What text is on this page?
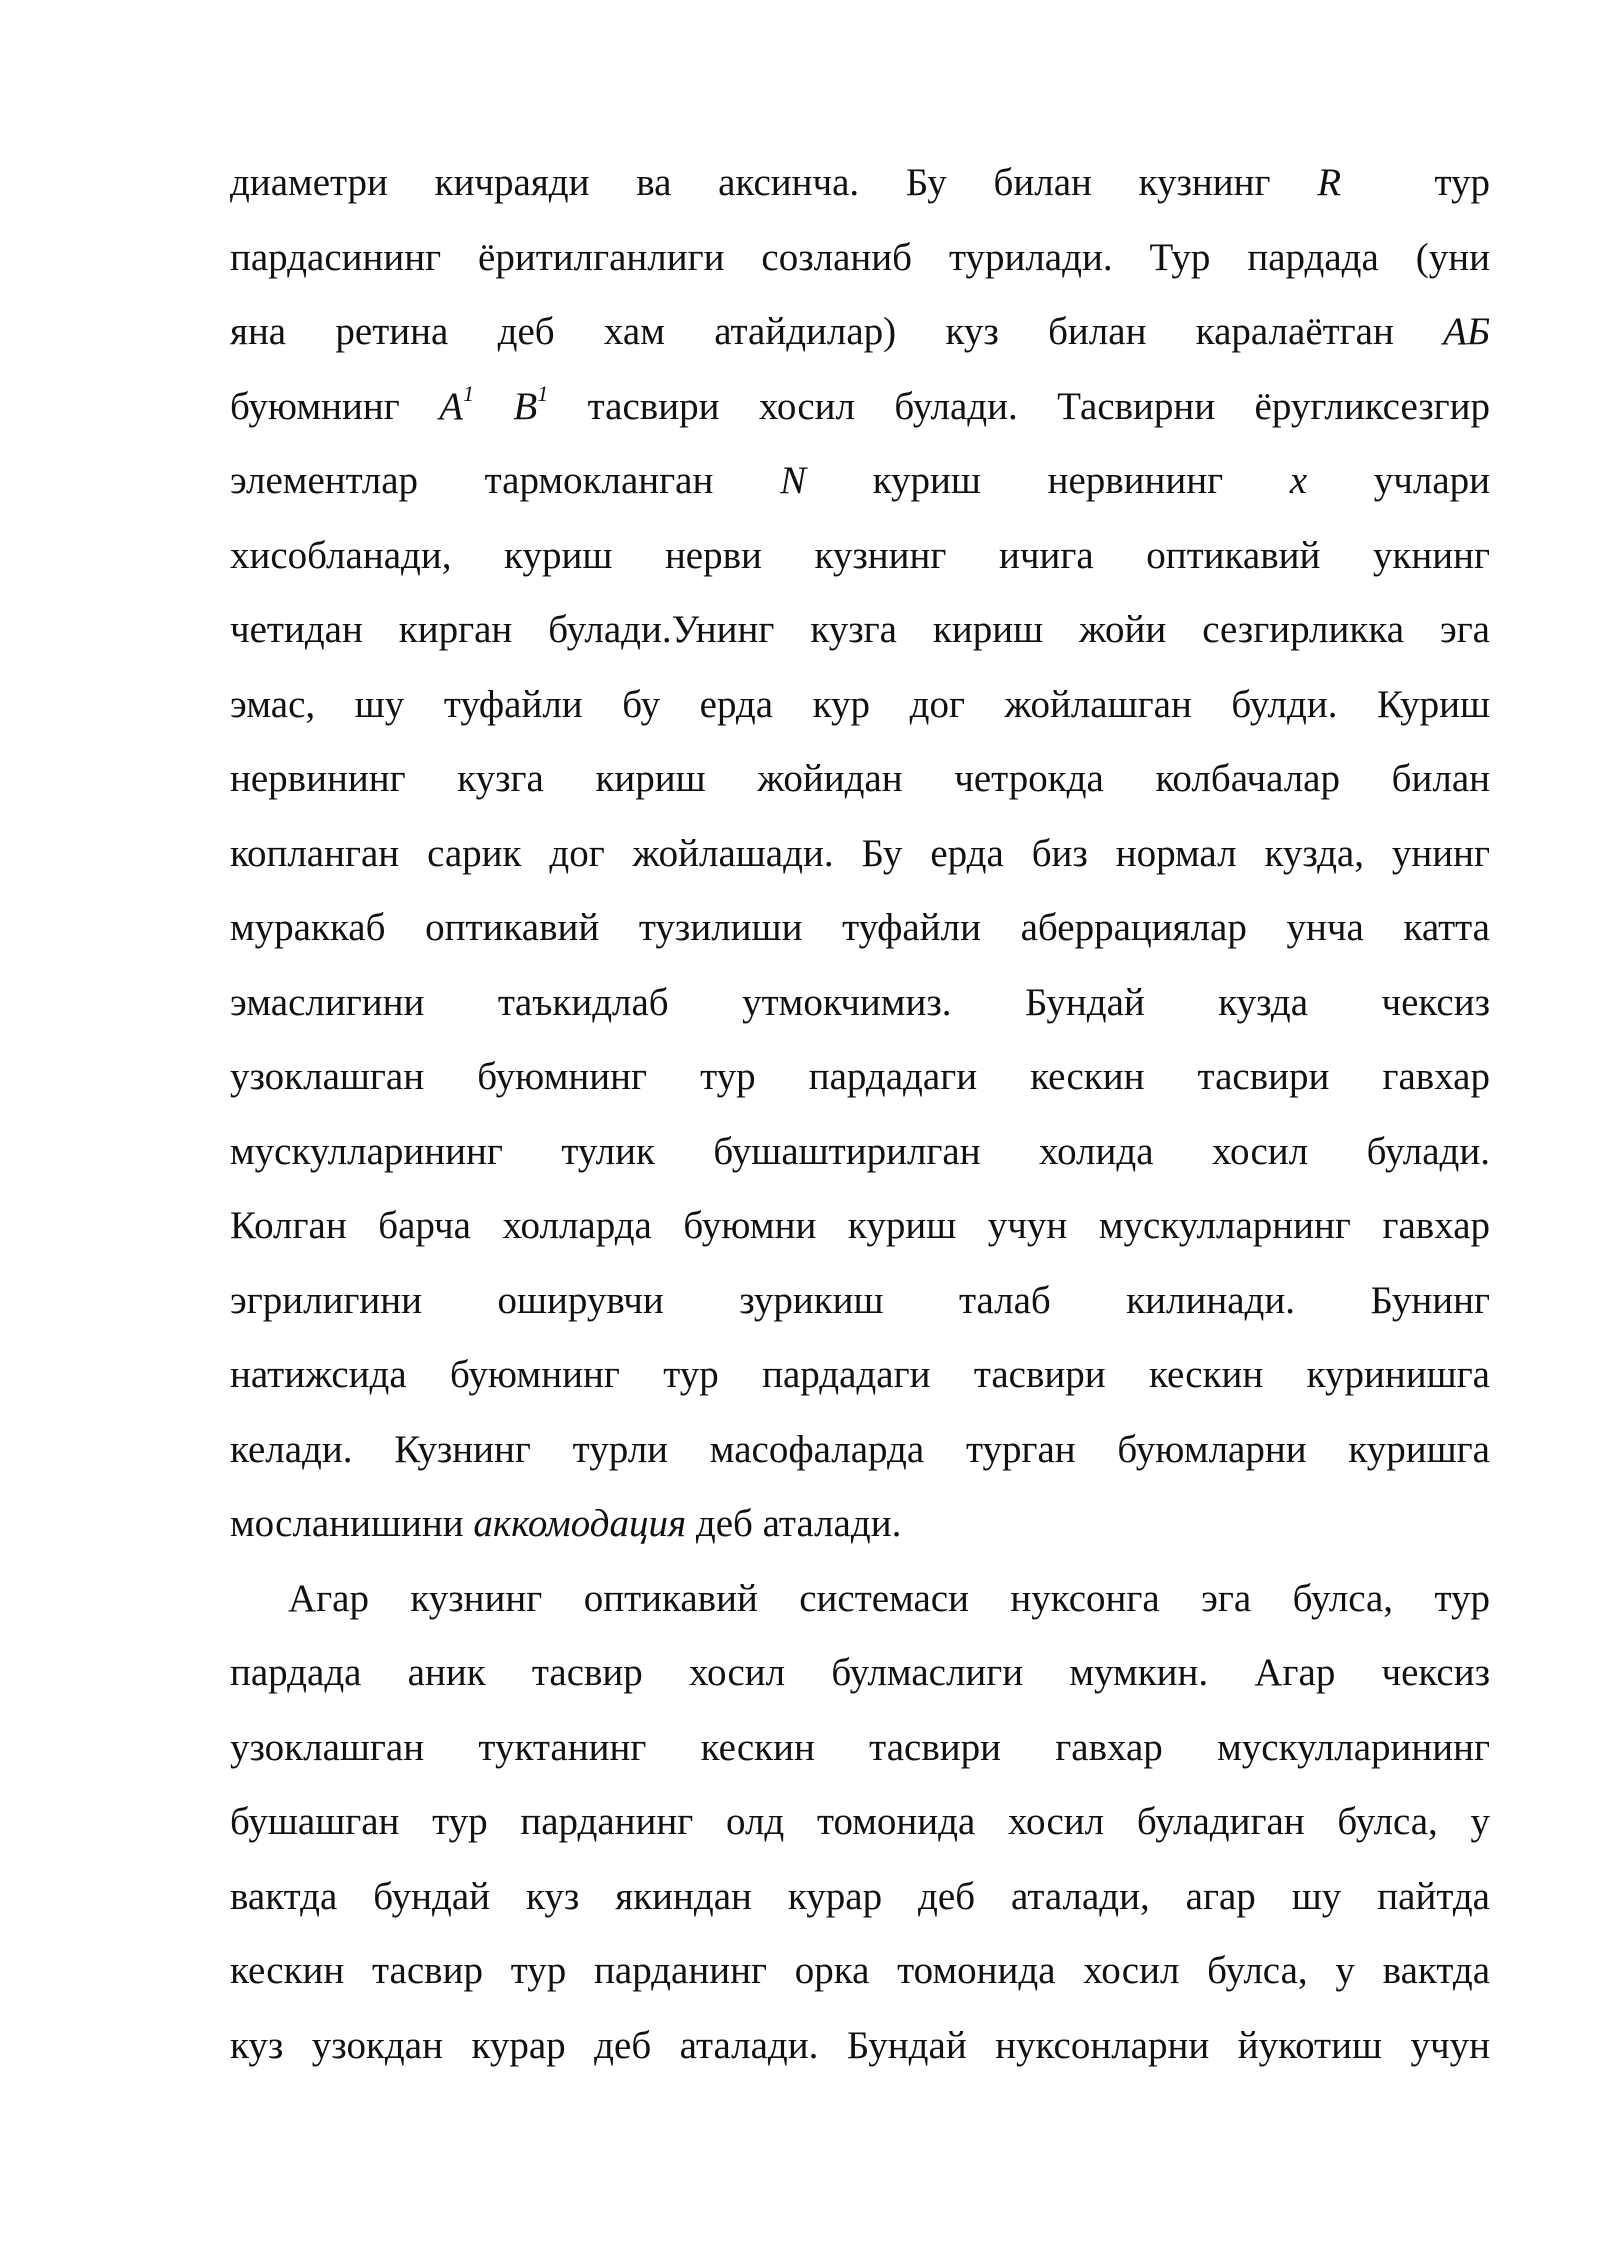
диаметри кичраяди ва аксинча. Бу билан кузнинг R тур
пардасининг ёритилганлиги созланиб турилади. Тур пардада (уни
яна ретина деб хам атайдилар) куз билан каралаётган АБ
буюмнинг $A^1$ $B^1$ тасвири хосил булади. Тасвирни ёругликсезгир
элементлар тармокланган N куриш нервининг x учлари
хисобланади, куриш нерви кузнинг ичига оптикавий укнинг
четидан кирган булади.Унинг кузга кириш жойи сезгирликка эга
эмас, шу туфайли бу ерда кур дог жойлашган булди. Куриш
нервининг кузга кириш жойидан четрокда колбачалар билан
копланган сарик дог жойлашади. Бу ерда биз нормал кузда, унинг
мураккаб оптикавий тузилиши туфайли аберрациялар унча катта
эмаслигини тaъкидлаб утмокчимиз. Бундай кузда чексиз
узоклашган буюмнинг тур пардадаги кескин тасвири гавхар
мускулларининг тулик бушаштирилган холида хосил булади.
Колган барча холларда буюмни куриш учун мускулларнинг гавхар
эгрилигини оширувчи зурикиш талаб килинади. Бунинг
натижсида буюмнинг тур пардадаги тасвири кескин куринишга
келади. Кузнинг турли масофаларда турган буюмларни куришга
мосланишини аккомодация деб аталади.
Агар кузнинг оптикавий системаси нуксонга эга булса, тур
пардада аник тасвир хосил булмаслиги мумкин. Агар чексиз
узоклашган туктанинг кескин тасвири гавхар мускулларининг
бушашган тур парданинг олд томонида хосил буладиган булса, у
вактда бундай куз якиндан курар деб аталади, агар шу пайтда
кескин тасвир тур парданинг орка томонида хосил булса, у вактда
куз узокдан курар деб аталади. Бундай нуксонларни йукотиш учун
